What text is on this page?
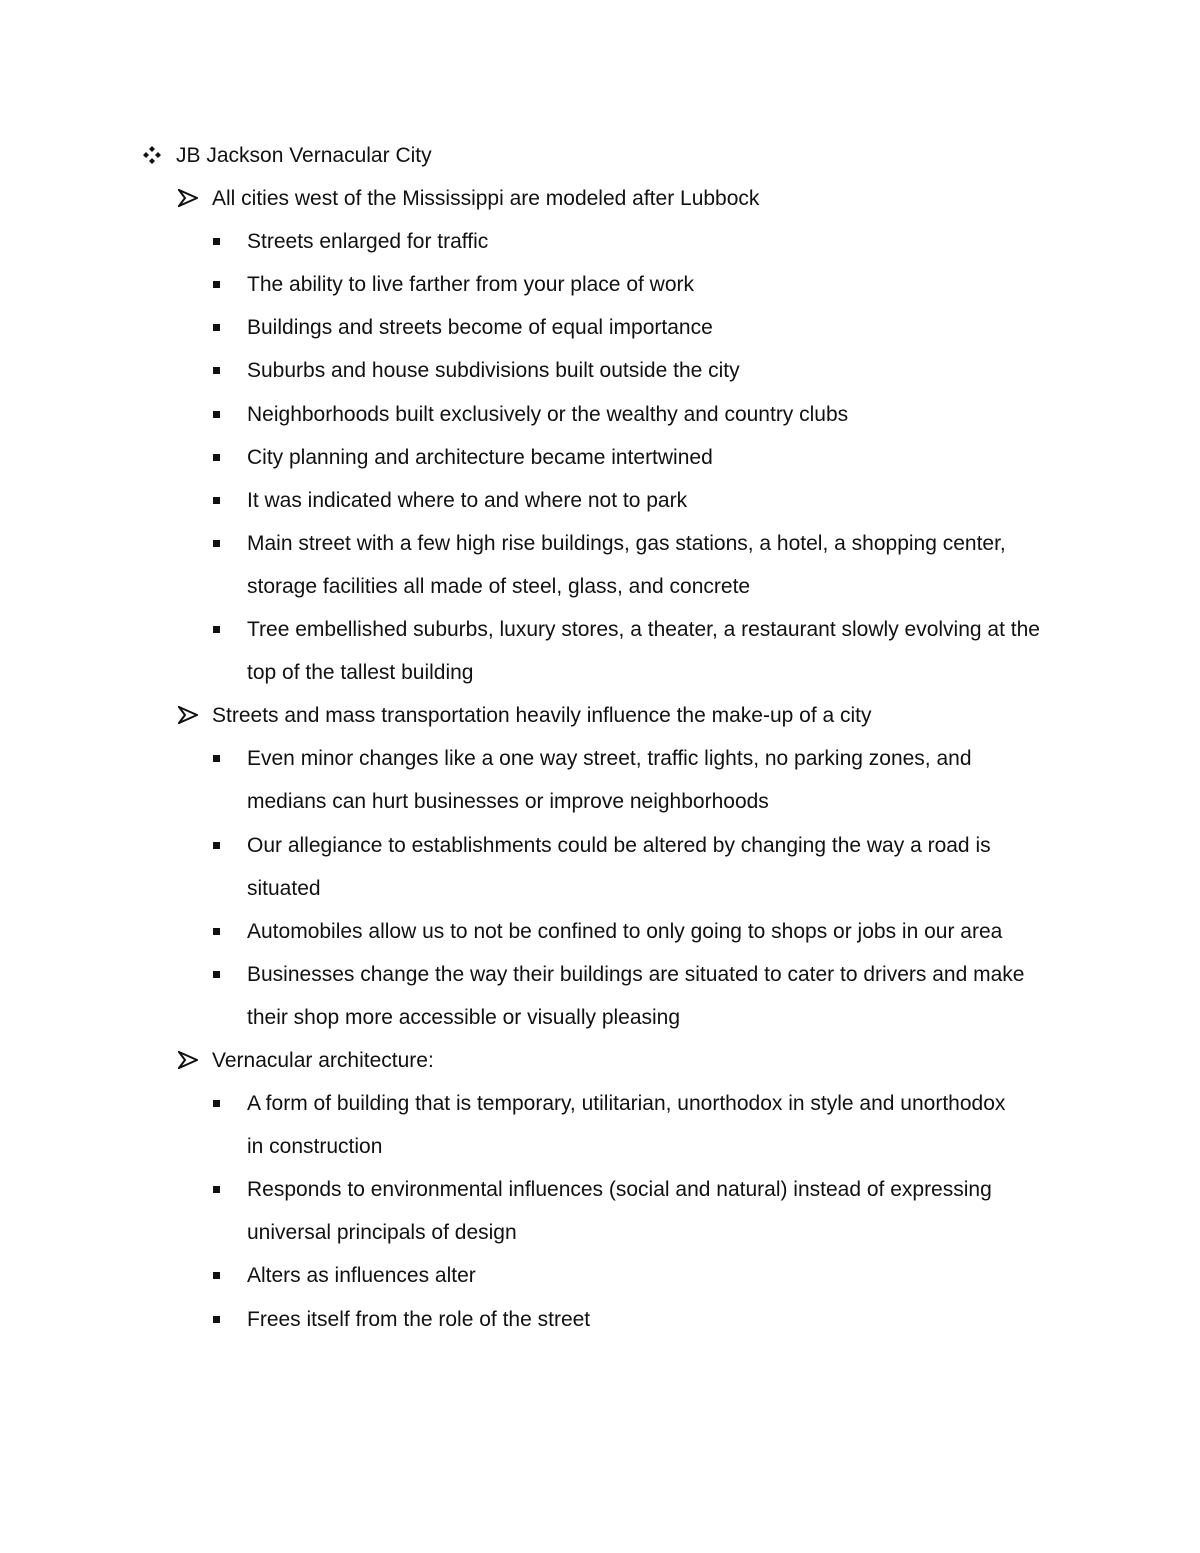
JB Jackson Vernacular City
All cities west of the Mississippi are modeled after Lubbock
Streets enlarged for traffic
The ability to live farther from your place of work
Buildings and streets become of equal importance
Suburbs and house subdivisions built outside the city
Neighborhoods built exclusively or the wealthy and country clubs
City planning and architecture became intertwined
It was indicated where to and where not to park
Main street with a few high rise buildings, gas stations, a hotel, a shopping center,
storage facilities all made of steel, glass, and concrete
Tree embellished suburbs, luxury stores, a theater, a restaurant slowly evolving at the
top of the tallest building
Streets and mass transportation heavily influence the make-up of a city
Even minor changes like a one way street, traffic lights, no parking zones, and
medians can hurt businesses or improve neighborhoods
Our allegiance to establishments could be altered by changing the way a road is
situated
Automobiles allow us to not be confined to only going to shops or jobs in our area
Businesses change the way their buildings are situated to cater to drivers and make
their shop more accessible or visually pleasing
Vernacular architecture:
A form of building that is temporary, utilitarian, unorthodox in style and unorthodox
in construction
Responds to environmental influences (social and natural) instead of expressing
universal principals of design
Alters as influences alter
Frees itself from the role of the street
